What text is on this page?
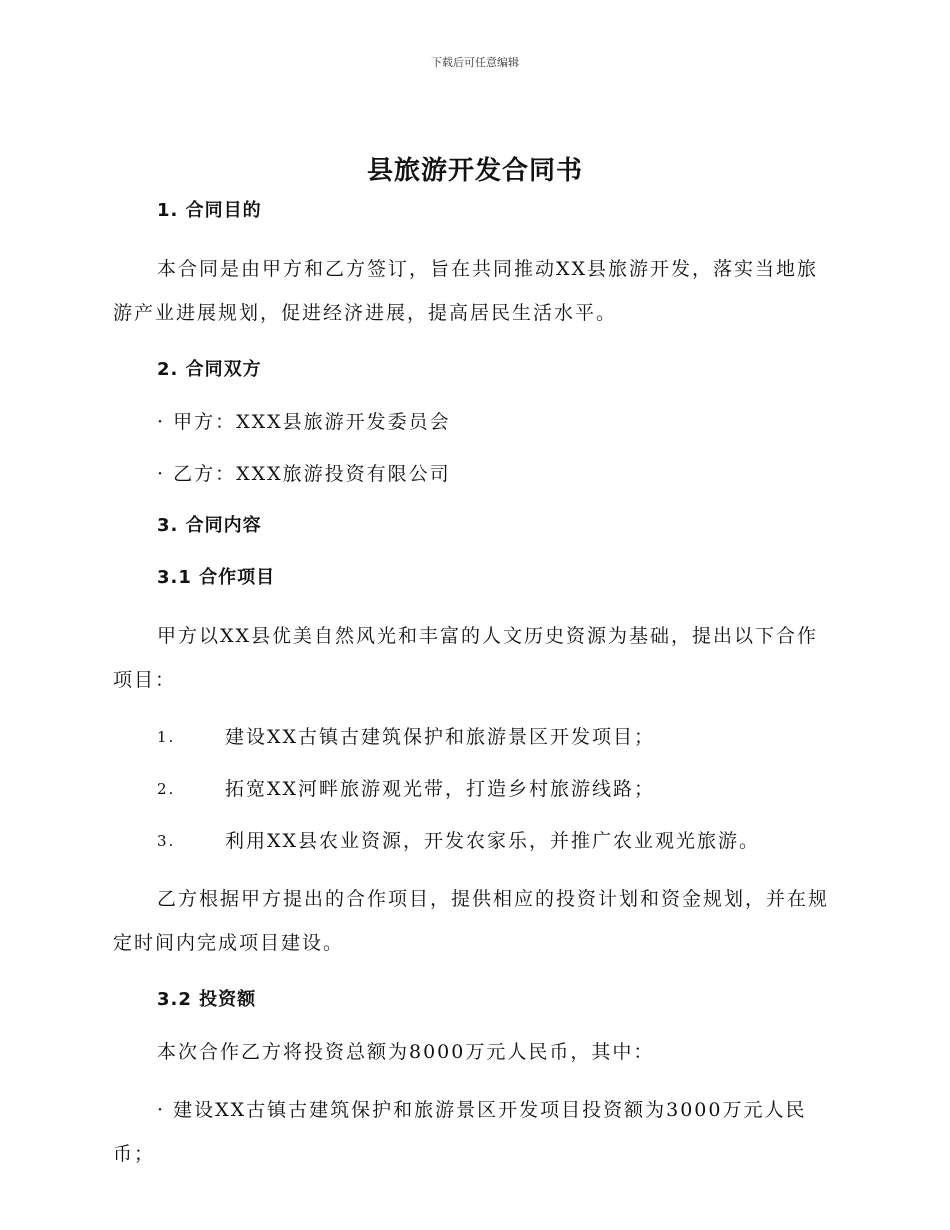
下载后可任意编辑
县旅游开发合同书
1. 合同目的

本合同是由甲方和乙方签订，旨在共同推动XX县旅游开发，落实当地旅游产业进展规划，促进经济进展，提高居民生活水平。

2. 合同双方
· 甲方：XXX县旅游开发委员会
· 乙方：XXX旅游投资有限公司
3. 合同内容
3.1 合作项目

甲方以XX县优美自然风光和丰富的人文历史资源为基础，提出以下合作项目：

1.	建设XX古镇古建筑保护和旅游景区开发项目；
2.	拓宽XX河畔旅游观光带，打造乡村旅游线路；
3.	利用XX县农业资源，开发农家乐，并推广农业观光旅游。

乙方根据甲方提出的合作项目，提供相应的投资计划和资金规划，并在规定时间内完成项目建设。

3.2 投资额
本次合作乙方将投资总额为8000万元人民币，其中：

· 建设XX古镇古建筑保护和旅游景区开发项目投资额为3000万元人民币；
